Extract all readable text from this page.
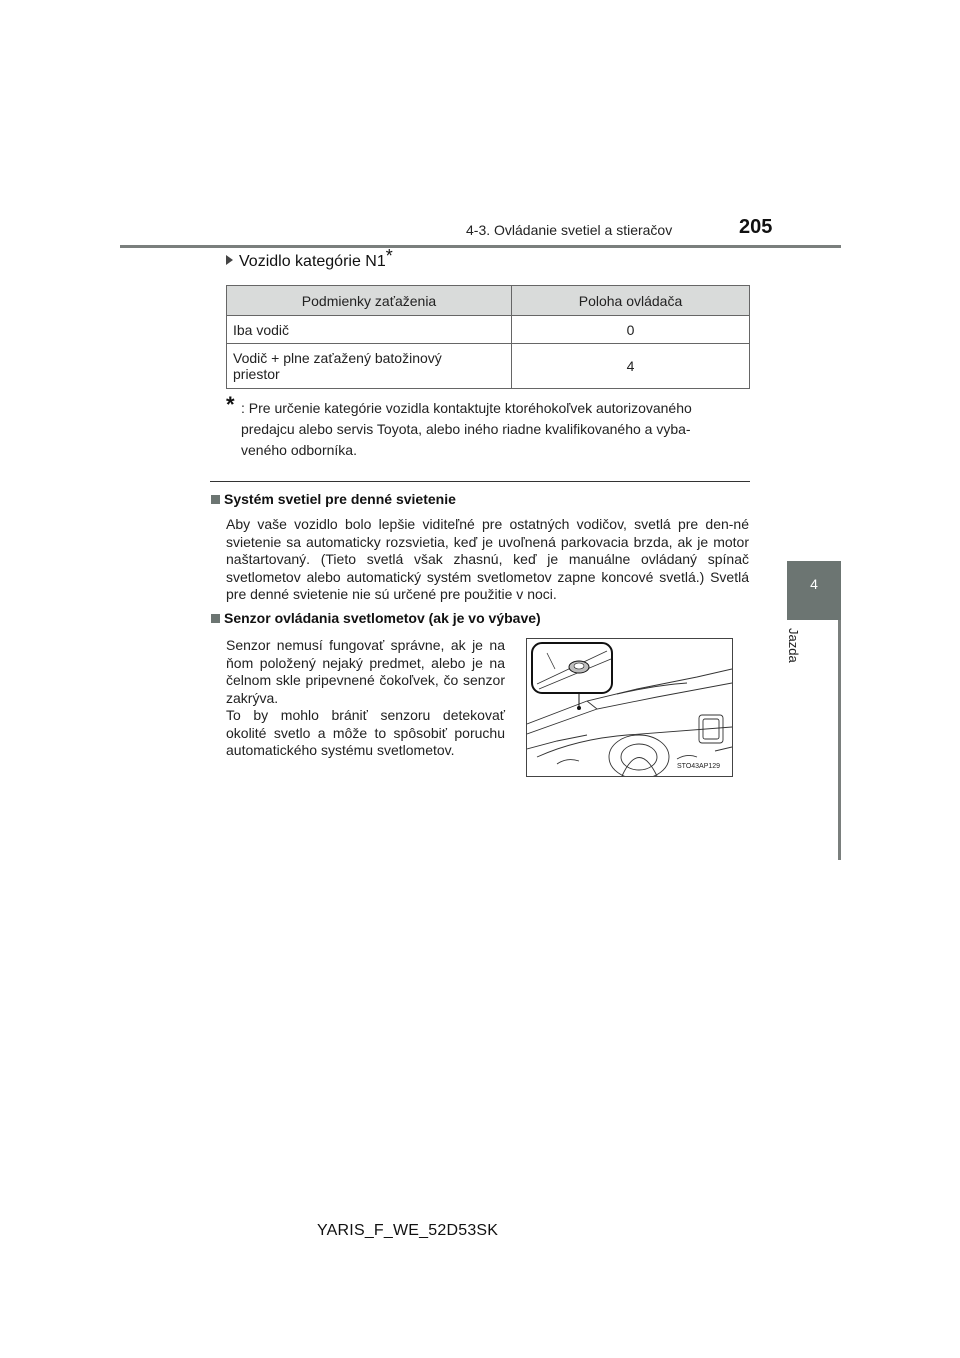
4-3. Ovládanie svetiel a stieračov	205
4
Jazda
Vozidlo kategórie N1*
Podmienky zaťaženia	Poloha ovládača
Iba vodič	0
Vodič + plne zaťažený batožinový
priestor	4
* : Pre určenie kategórie vozidla kontaktujte ktoréhokoľvek autorizovaného

predajcu alebo servis Toyota, alebo iného riadne kvalifikovaného a vyba-

veného odborníka.

Systém svetiel pre denné svietenie
Aby vaše vozidlo bolo lepšie viditeľné pre ostatných vodičov, svetlá pre den-né svietenie sa automaticky rozsvietia, keď je uvoľnená parkovacia brzda, ak je motor naštartovaný. (Tieto svetlá však zhasnú, keď je manuálne ovládaný spínač svetlometov alebo automatický systém svetlometov zapne koncové svetlá.) Svetlá pre denné svietenie nie sú určené pre použitie v noci.
Senzor ovládania svetlometov (ak je vo výbave)
Senzor nemusí fungovať správne, ak je na ňom položený nejaký predmet, alebo je na čelnom skle pripevnené čokoľvek, čo senzor zakrýva.
To by mohlo brániť senzoru detekovať okolité svetlo a môže to spôsobiť poruchu automatického systému svetlometov.
STO43AP129
YARIS_F_WE_52D53SK
